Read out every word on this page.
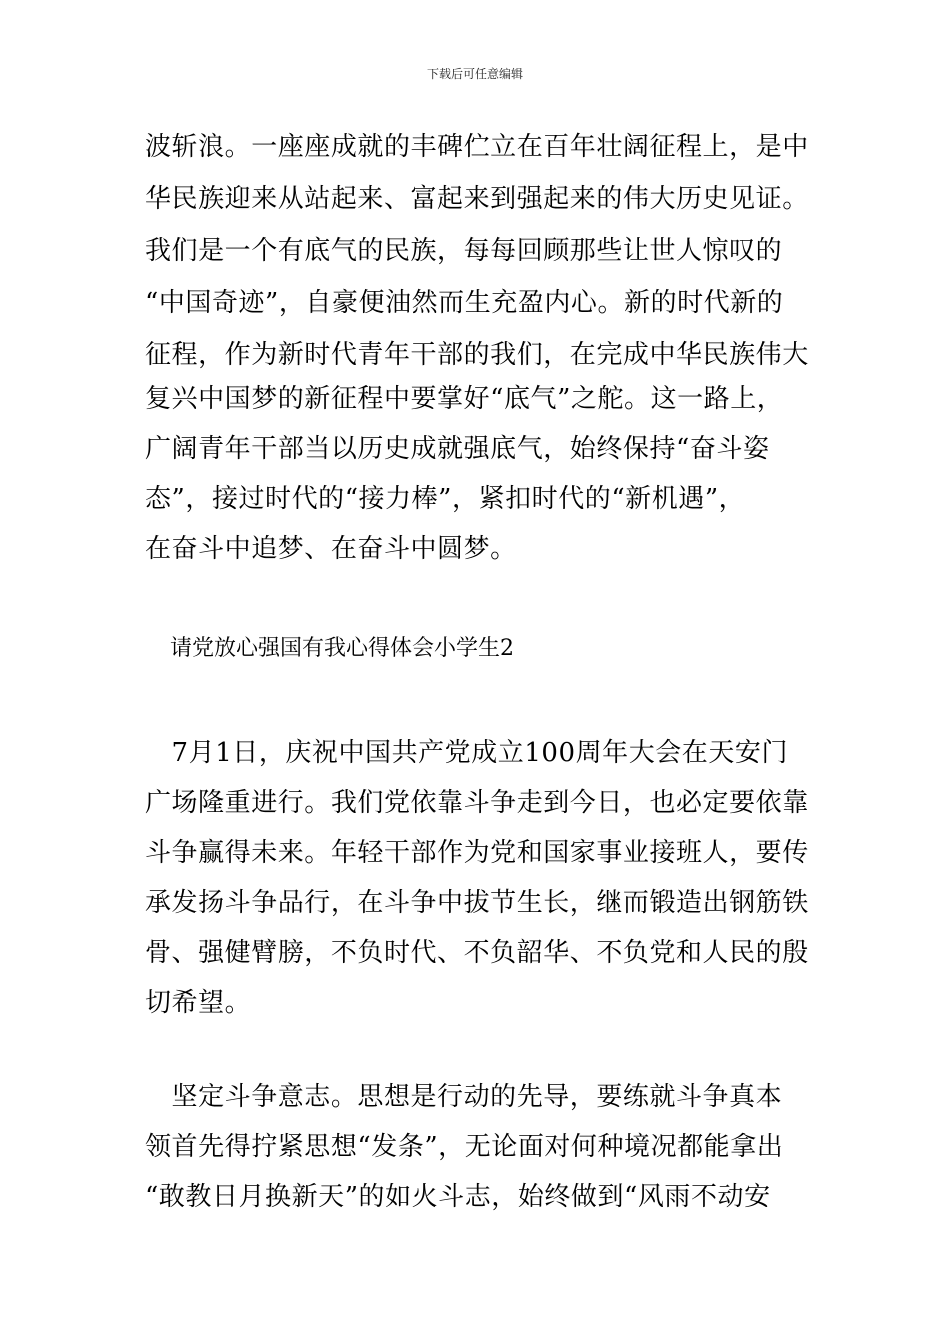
下载后可任意编辑
波斩浪。一座座成就的丰碑伫立在百年壮阔征程上，是中
华民族迎来从站起来、富起来到强起来的伟大历史见证。
我们是一个有底气的民族，每每回顾那些让世人惊叹的
“中国奇迹”，自豪便油然而生充盈内心。新的时代新的
征程，作为新时代青年干部的我们，在完成中华民族伟大
复兴中国梦的新征程中要掌好“底气”之舵。这一路上，
广阔青年干部当以历史成就强底气，始终保持“奋斗姿
态”，接过时代的“接力棒”，紧扣时代的“新机遇”，
在奋斗中追梦、在奋斗中圆梦。
请党放心强国有我心得体会小学生2
　7月1日，庆祝中国共产党成立100周年大会在天安门
广场隆重进行。我们党依靠斗争走到今日，也必定要依靠
斗争赢得未来。年轻干部作为党和国家事业接班人，要传
承发扬斗争品行，在斗争中拔节生长，继而锻造出钢筋铁
骨、强健臂膀，不负时代、不负韶华、不负党和人民的殷
切希望。
　坚定斗争意志。思想是行动的先导，要练就斗争真本
领首先得拧紧思想“发条”，无论面对何种境况都能拿出
“敢教日月换新天”的如火斗志，始终做到“风雨不动安
